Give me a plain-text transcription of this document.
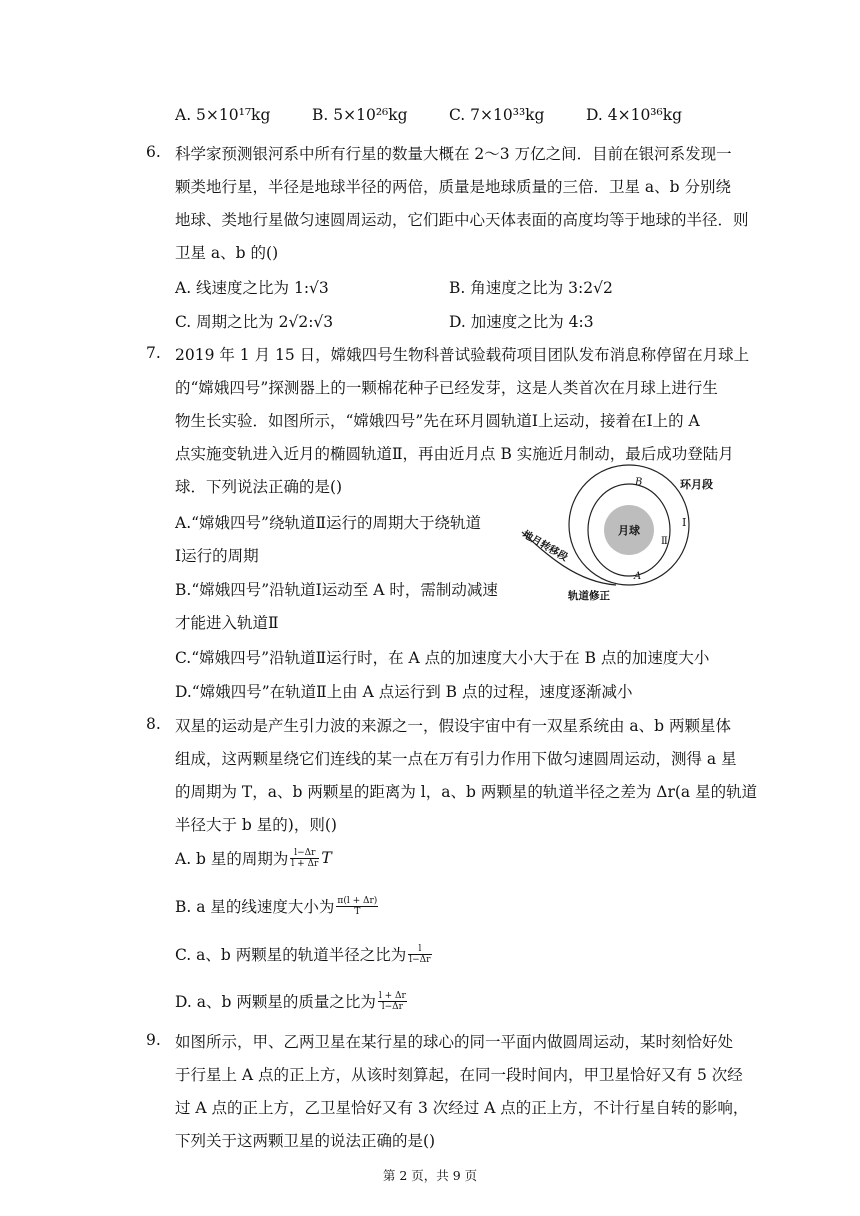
A. 5×10¹⁷kg	B. 5×10²⁶kg	C. 7×10³³kg	D. 4×10³⁶kg
6. 科学家预测银河系中所有行星的数量大概在 2～3 万亿之间．目前在银河系发现一
颗类地行星，半径是地球半径的两倍，质量是地球质量的三倍．卫星 a、b 分别绕
地球、类地行星做匀速圆周运动，它们距中心天体表面的高度均等于地球的半径．则
卫星 a、b 的()
A. 线速度之比为 1:√3	B. 角速度之比为 3:2√2
C. 周期之比为 2√2:√3	D. 加速度之比为 4:3
7. 2019 年 1 月 15 日，嫦娥四号生物科普试验载荷项目团队发布消息称停留在月球上
的“嫦娥四号”探测器上的一颗棉花种子已经发芽，这是人类首次在月球上进行生
物生长实验．如图所示，“嫦娥四号”先在环月圆轨道Ⅰ上运动，接着在Ⅰ上的 A
点实施变轨进入近月的椭圆轨道Ⅱ，再由近月点 B 实施近月制动，最后成功登陆月
球．下列说法正确的是()
A.“嫦娥四号”绕轨道Ⅱ运行的周期大于绕轨道
Ⅰ运行的周期
B.“嫦娥四号”沿轨道Ⅰ运动至 A 时，需制动减速
才能进入轨道Ⅱ
C.“嫦娥四号”沿轨道Ⅱ运行时，在 A 点的加速度大小大于在 B 点的加速度大小
D.“嫦娥四号”在轨道Ⅱ上由 A 点运行到 B 点的过程，速度逐渐减小
月球
环月段
地月转移段
轨道修正
Ⅰ
Ⅱ
A
B
8. 双星的运动是产生引力波的来源之一，假设宇宙中有一双星系统由 a、b 两颗星体
组成，这两颗星绕它们连线的某一点在万有引力作用下做匀速圆周运动，测得 a 星
的周期为 T，a、b 两颗星的距离为 l，a、b 两颗星的轨道半径之差为 Δr(a 星的轨道
半径大于 b 星的)，则()
A. b 星的周期为 $\frac{l-\Delta r}{l + \Delta r}$ T
B. a 星的线速度大小为 $\frac{\pi(l + \Delta r)}{T}$
C. a、b 两颗星的轨道半径之比为 $\frac{l}{l-\Delta r}$
D. a、b 两颗星的质量之比为 $\frac{l + \Delta r}{l-\Delta r}$
9. 如图所示，甲、乙两卫星在某行星的球心的同一平面内做圆周运动，某时刻恰好处
于行星上 A 点的正上方，从该时刻算起，在同一段时间内，甲卫星恰好又有 5 次经
过 A 点的正上方，乙卫星恰好又有 3 次经过 A 点的正上方，不计行星自转的影响，
下列关于这两颗卫星的说法正确的是()
第 2 页，共 9 页
